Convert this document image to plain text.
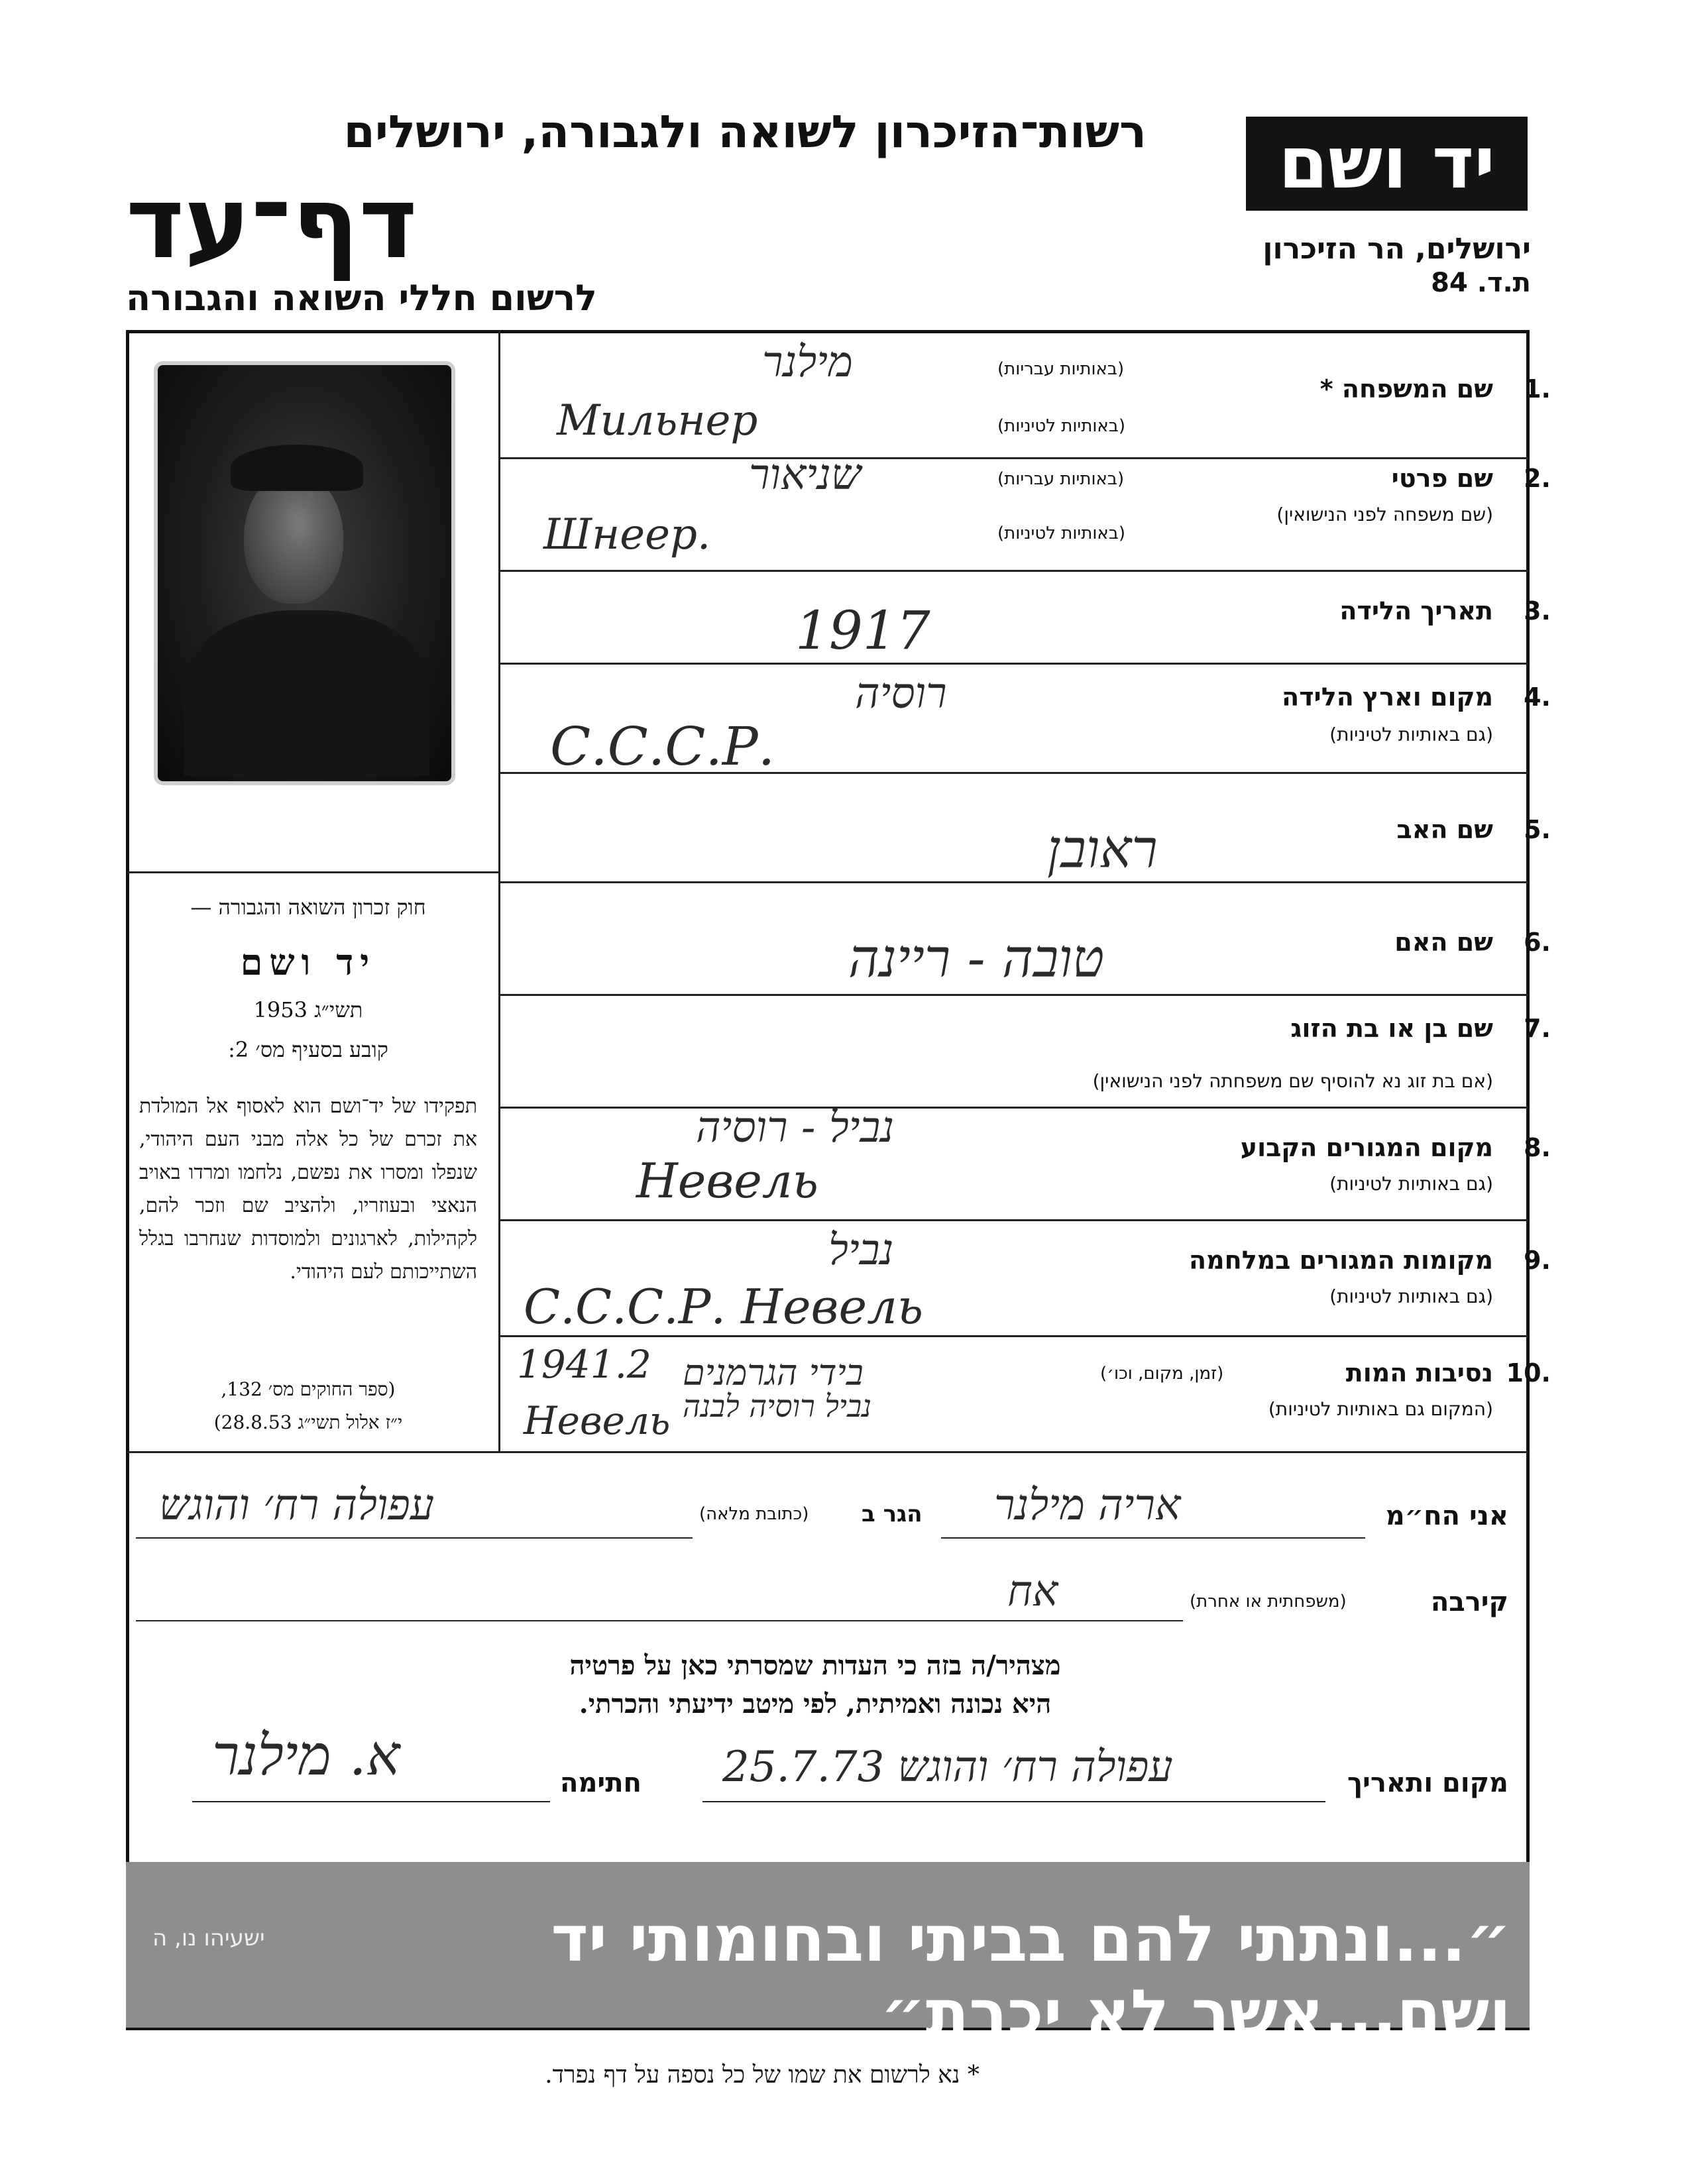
יד ושם
ירושלים, הר הזיכרון
ת.ד. 84
רשות־הזיכרון לשואה ולגבורה, ירושלים
דף־עד
לרשום חללי השואה והגבורה
חוק זכרון השואה והגבורה —
יד ושם
תשי״ג 1953
קובע בסעיף מס׳ 2:
תפקידו של יד־ושם הוא לאסוף אל המולדת את זכרם של כל אלה מבני העם היהודי, שנפלו ומסרו את נפשם, נלחמו ומרדו באויב הנאצי ובעוזריו, ולהציב שם וזכר להם, לקהילות, לארגונים ולמוסדות שנחרבו בגלל השתייכותם לעם היהודי.
(ספר החוקים מס׳ 132,
י״ז אלול תשי״ג 28.8.53)
1.
שם המשפחה *
(באותיות עבריות)
(באותיות לטיניות)
מילנר
Мильнер
2.
שם פרטי
(שם משפחה לפני הנישואין)
(באותיות עבריות)
(באותיות לטיניות)
שניאור
Шнеер.
3.
תאריך הלידה
1917
4.
מקום וארץ הלידה
(גם באותיות לטיניות)
רוסיה
С.С.С.Р.
5.
שם האב
ראובן
6.
שם האם
טובה - ריינה
7.
שם בן או בת הזוג
(אם בת זוג נא להוסיף שם משפחתה לפני הנישואין)
8.
מקום המגורים הקבוע
(גם באותיות לטיניות)
נביל - רוסיה
Невель
9.
מקומות המגורים במלחמה
(גם באותיות לטיניות)
נביל
С.С.С.Р. Невель
10.
נסיבות המות
(זמן, מקום, וכו׳)
(המקום גם באותיות לטיניות)
1941.2 בידי הגרמנים
נביל רוסיה לבנה
Невель
אני הח״מ
אריה מילנר
הגר ב
(כתובת מלאה)
עפולה רח׳ והוגש
קירבה
(משפחתית או אחרת)
אח
מצהיר/ה בזה כי העדות שמסרתי כאן על פרטיה
היא נכונה ואמיתית, לפי מיטב ידיעתי והכרתי.
מקום ותאריך
עפולה רח׳ והוגש 25.7.73
חתימה
א. מילנר
״...ונתתי להם בביתי ובחומותי יד ושם...אשר לא יכרת״
ישעיהו נו, ה
* נא לרשום את שמו של כל נספה על דף נפרד.
